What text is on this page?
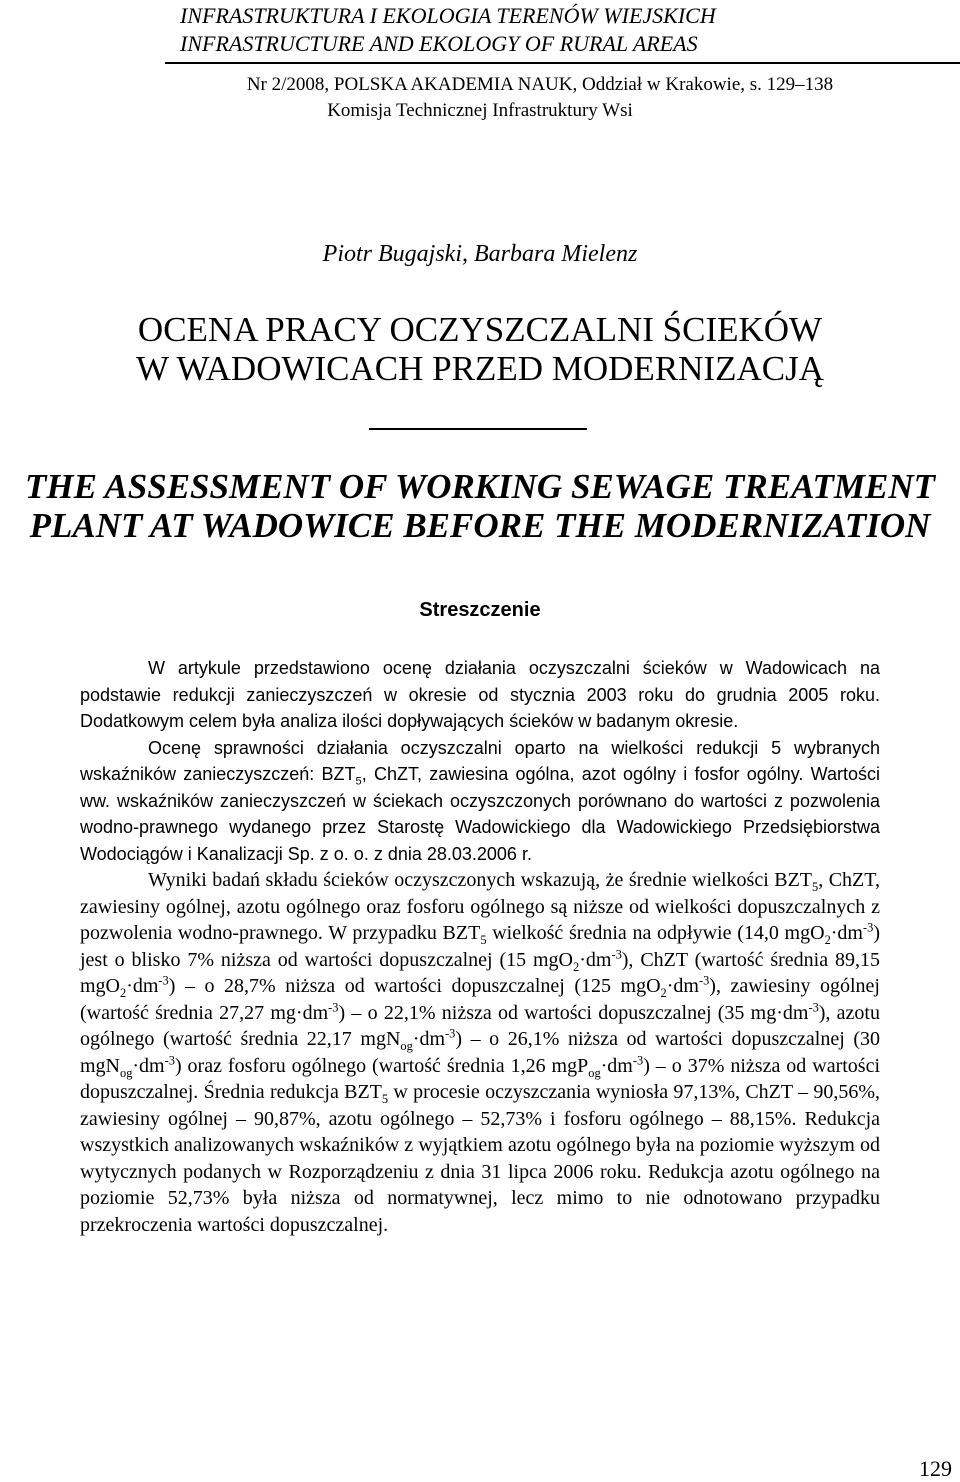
INFRASTRUKTURA I EKOLOGIA TERENÓW WIEJSKICH

INFRASTRUCTURE AND EKOLOGY OF RURAL AREAS

Nr 2/2008, POLSKA AKADEMIA NAUK, Oddział w Krakowie, s. 129–138
Komisja Technicznej Infrastruktury Wsi
Piotr Bugajski, Barbara Mielenz
OCENA PRACY OCZYSZCZALNI ŚCIEKÓW
W WADOWICACH PRZED MODERNIZACJĄ
THE ASSESSMENT OF WORKING SEWAGE TREATMENT
PLANT AT WADOWICE BEFORE THE MODERNIZATION
Streszczenie

W artykule przedstawiono ocenę działania oczyszczalni ścieków w Wadowicach na podstawie redukcji zanieczyszczeń w okresie od stycznia 2003 roku do grudnia 2005 roku. Dodatkowym celem była analiza ilości dopływających ścieków w badanym okresie.

Ocenę sprawności działania oczyszczalni oparto na wielkości redukcji 5 wybranych wskaźników zanieczyszczeń: $BZT_5$, ChZT, zawiesina ogólna, azot ogólny i fosfor ogólny. Wartości ww. wskaźników zanieczyszczeń w ściekach oczyszczonych porównano do wartości z pozwolenia wodno-prawnego wydanego przez Starostę Wadowickiego dla Wadowickiego Przedsiębiorstwa Wodociągów i Kanalizacji Sp. z o. o. z dnia 28.03.2006 r.

Wyniki badań składu ścieków oczyszczonych wskazują, że średnie wielkości $BZT_5$, ChZT, zawiesiny ogólnej, azotu ogólnego oraz fosforu ogólnego są niższe od wielkości dopuszczalnych z pozwolenia wodno-prawnego. W przypadku $BZT_5$ wielkość średnia na odpływie (14,0 $mgO_2\cdot dm^{-3}$) jest o blisko 7% niższa od wartości dopuszczalnej (15 $mgO_2\cdot dm^{-3}$), ChZT (wartość średnia 89,15 $mgO_2\cdot dm^{-3}) - o$ 28,7% niższa od wartości dopuszczalnej (125 $mgO_2\cdot dm^{-3}$), zawiesiny ogólnej (wartość średnia 27,27 $mg\cdot dm^{-3}) - o$ 22,1% niższa od wartości dopuszczalnej (35 $mg\cdot dm^{-3}$), azotu ogólnego (wartość średnia 22,17 $mgN_{og}\cdot dm^{-3}) - o$ 26,1% niższa od wartości dopuszczalnej (30 $mgN_{og}\cdot dm^{-3}$) oraz fosforu ogólnego (wartość średnia 1,26 $mgP_{og}\cdot dm^{-3}) - o$ 37% niższa od wartości dopuszczalnej. Średnia redukcja $BZT_5$ w procesie oczyszczania wyniosła 97,13%, ChZT – 90,56%, zawiesiny ogólnej – 90,87%, azotu ogólnego – 52,73% i fosforu ogólnego – 88,15%. Redukcja wszystkich analizowanych wskaźników z wyjątkiem azotu ogólnego była na poziomie wyższym od wytycznych podanych w Rozporządzeniu z dnia 31 lipca 2006 roku. Redukcja azotu ogólnego na poziomie 52,73% była niższa od normatywnej, lecz mimo to nie odnotowano przypadku przekroczenia wartości dopuszczalnej.

129
